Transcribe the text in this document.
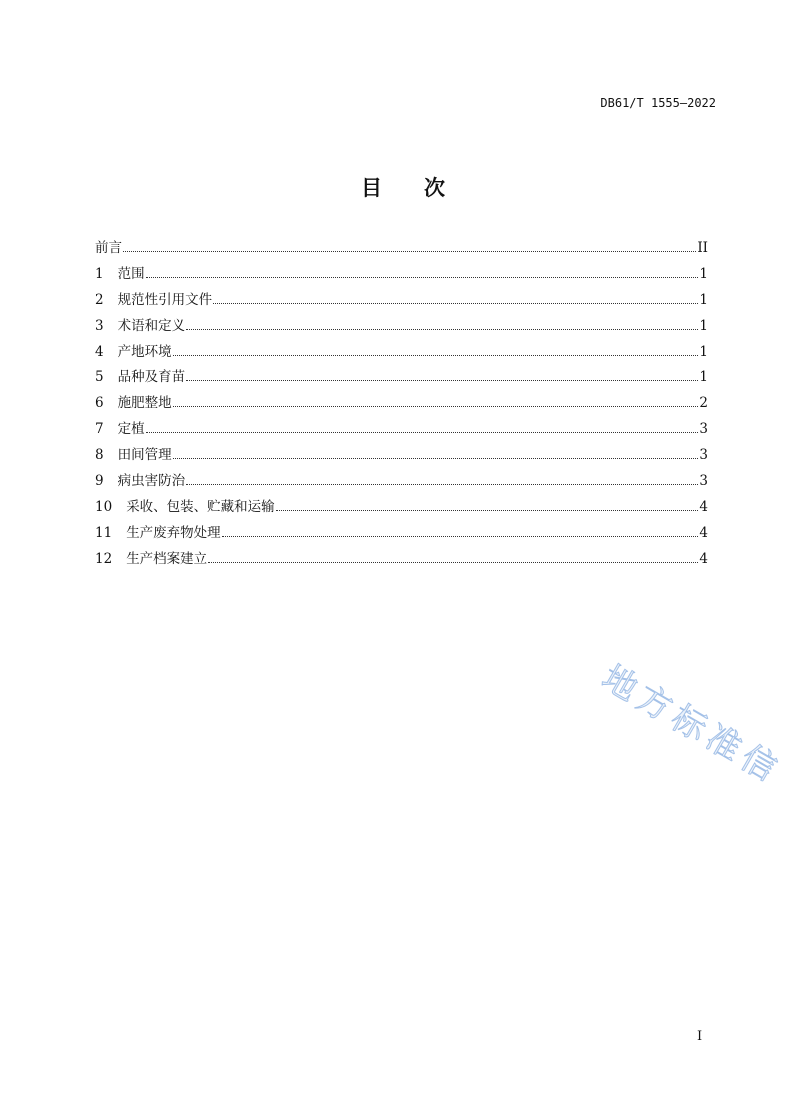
DB61/T 1555—2022
目　　次
前言	II
1 范围	1
2 规范性引用文件	1
3 术语和定义	1
4 产地环境	1
5 品种及育苗	1
6 施肥整地	2
7 定植	3
8 田间管理	3
9 病虫害防治	3
10 采收、包装、贮藏和运输	4
11 生产废弃物处理	4
12 生产档案建立	4
地方标准信
I
